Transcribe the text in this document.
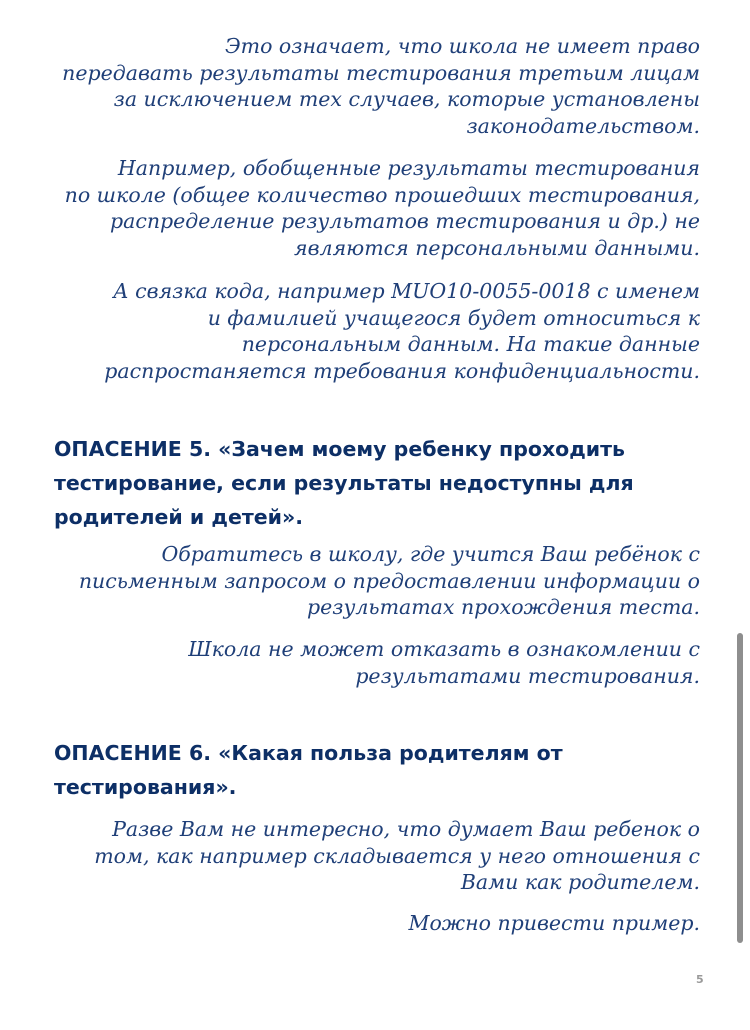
Это означает, что школа не имеет право
передавать результаты тестирования третьим лицам
за исключением тех случаев, которые установлены
законодательством.

Например, обобщенные результаты тестирования
по школе (общее количество прошедших тестирования,
распределение результатов тестирования и др.) не
являются персональными данными.

А связка кода, например MUO10-0055-0018 с именем
и фамилией учащегося будет относиться к
персональным данным. На такие данные
распростаняется требования конфиденциальности.

ОПАСЕНИЕ 5. «Зачем моему ребенку проходить
тестирование, если результаты недоступны для
родителей и детей».

Обратитесь в школу, где учится Ваш ребёнок с
письменным запросом о предоставлении информации о
результатах прохождения теста.

Школа не может отказать в ознакомлении с
результатами тестирования.

ОПАСЕНИЕ 6. «Какая польза родителям от
тестирования».

Разве Вам не интересно, что думает Ваш ребенок о
том, как например складывается у него отношения с
Вами как родителем.

Можно привести пример.

5
